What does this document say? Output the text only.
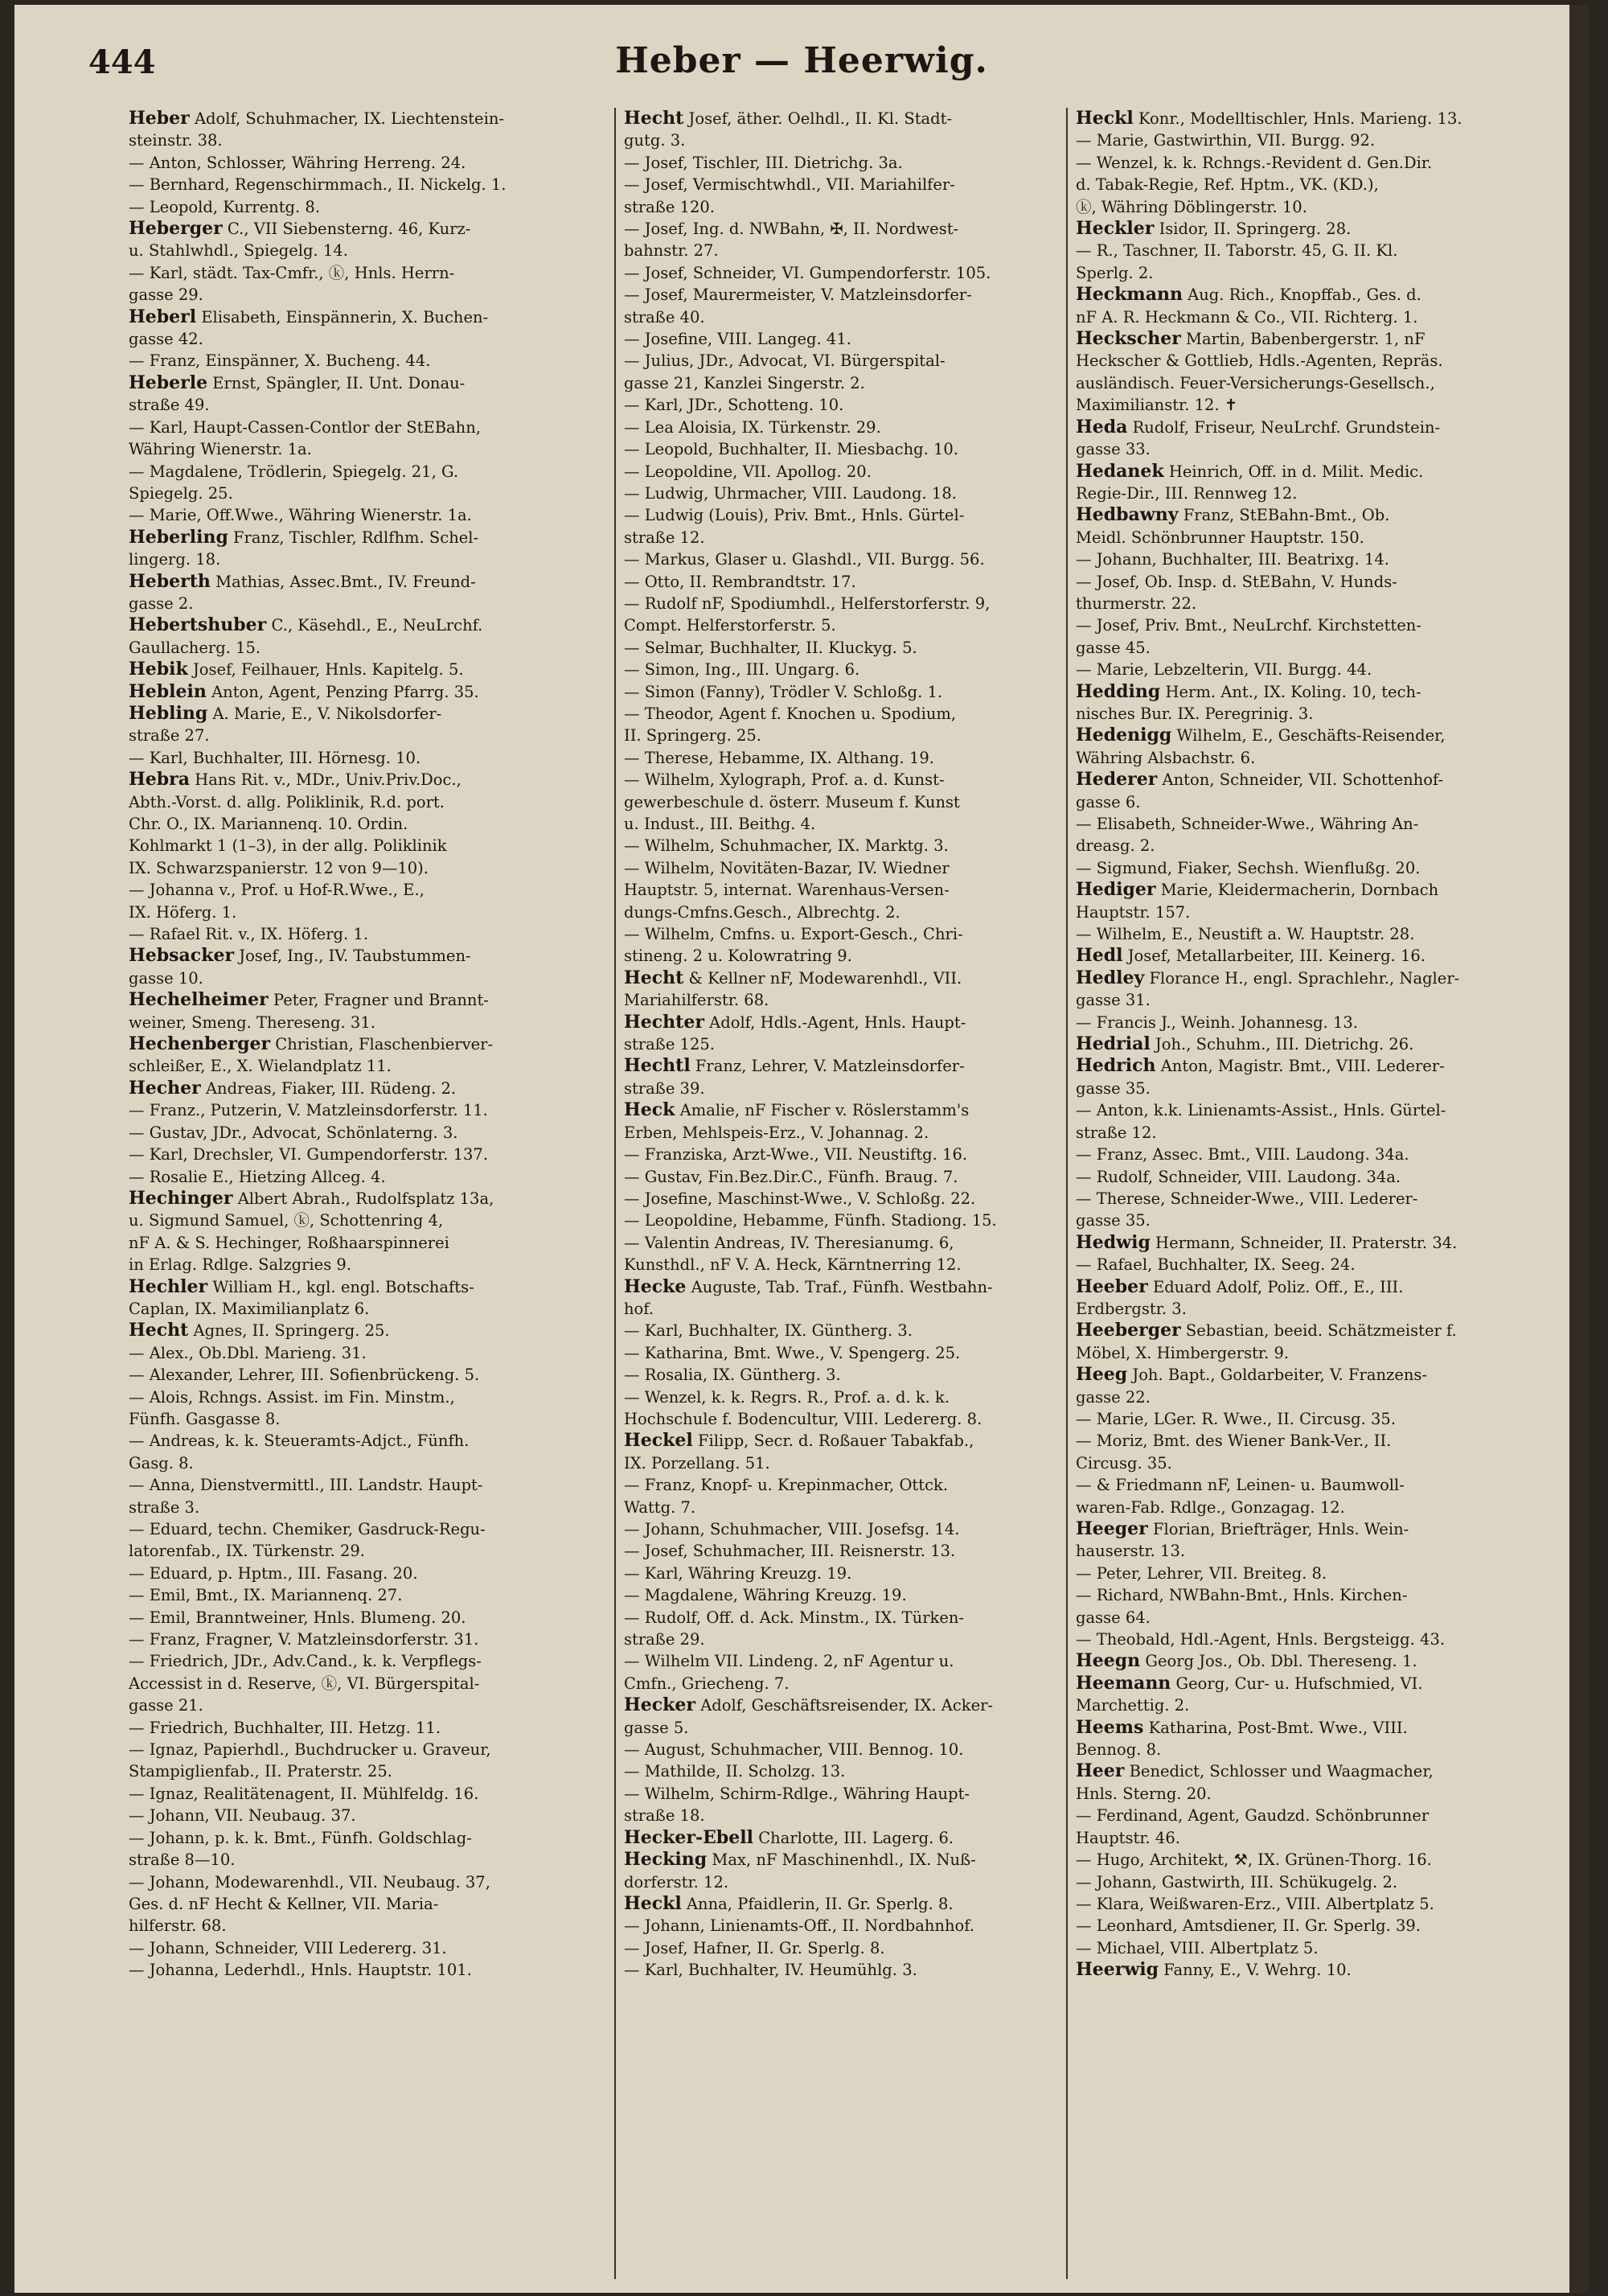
444	Heber — Heerwig.
Heber Adolf, Schuhmacher, IX. Liechtenstein-
steinstr. 38.
— Anton, Schlosser, Währing Herreng. 24.
— Bernhard, Regenschirmmach., II. Nickelg. 1.
— Leopold, Kurrentg. 8.
Heberger C., VII Siebensterng. 46, Kurz-
u. Stahlwhdl., Spiegelg. 14.
— Karl, städt. Tax-Cmfr., ⓚ, Hnls. Herrn-
gasse 29.
Heberl Elisabeth, Einspännerin, X. Buchen-
gasse 42.
— Franz, Einspänner, X. Bucheng. 44.
Heberle Ernst, Spängler, II. Unt. Donau-
straße 49.
— Karl, Haupt-Cassen-Contlor der StEBahn,
Währing Wienerstr. 1a.
— Magdalene, Trödlerin, Spiegelg. 21, G.
Spiegelg. 25.
— Marie, Off.Wwe., Währing Wienerstr. 1a.
Heberling Franz, Tischler, Rdlfhm. Schel-
lingerg. 18.
Heberth Mathias, Assec.Bmt., IV. Freund-
gasse 2.
Hebertshuber C., Käsehdl., E., NeuLrchf.
Gaullacherg. 15.
Hebik Josef, Feilhauer, Hnls. Kapitelg. 5.
Heblein Anton, Agent, Penzing Pfarrg. 35.
Hebling A. Marie, E., V. Nikolsdorfer-
straße 27.
— Karl, Buchhalter, III. Hörnesg. 10.
Hebra Hans Rit. v., MDr., Univ.Priv.Doc.,
Abth.-Vorst. d. allg. Poliklinik, R.d. port.
Chr. O., IX. Mariannenq. 10. Ordin.
Kohlmarkt 1 (1–3), in der allg. Poliklinik
IX. Schwarzspanierstr. 12 von 9—10).
— Johanna v., Prof. u Hof-R.Wwe., E.,
IX. Höferg. 1.
— Rafael Rit. v., IX. Höferg. 1.
Hebsacker Josef, Ing., IV. Taubstummen-
gasse 10.
Hechelheimer Peter, Fragner und Brannt-
weiner, Smeng. Thereseng. 31.
Hechenberger Christian, Flaschenbierver-
schleißer, E., X. Wielandplatz 11.
Hecher Andreas, Fiaker, III. Rüdeng. 2.
— Franz., Putzerin, V. Matzleinsdorferstr. 11.
— Gustav, JDr., Advocat, Schönlaterng. 3.
— Karl, Drechsler, VI. Gumpendorferstr. 137.
— Rosalie E., Hietzing Allceg. 4.
Hechinger Albert Abrah., Rudolfsplatz 13a,
u. Sigmund Samuel, ⓚ, Schottenring 4,
nF A. & S. Hechinger, Roßhaarspinnerei
in Erlag. Rdlge. Salzgries 9.
Hechler William H., kgl. engl. Botschafts-
Caplan, IX. Maximilianplatz 6.
Hecht Agnes, II. Springerg. 25.
— Alex., Ob.Dbl. Marieng. 31.
— Alexander, Lehrer, III. Sofienbrückeng. 5.
— Alois, Rchngs. Assist. im Fin. Minstm.,
Fünfh. Gasgasse 8.
— Andreas, k. k. Steueramts-Adjct., Fünfh.
Gasg. 8.
— Anna, Dienstvermittl., III. Landstr. Haupt-
straße 3.
— Eduard, techn. Chemiker, Gasdruck-Regu-
latorenfab., IX. Türkenstr. 29.
— Eduard, p. Hptm., III. Fasang. 20.
— Emil, Bmt., IX. Mariannenq. 27.
— Emil, Branntweiner, Hnls. Blumeng. 20.
— Franz, Fragner, V. Matzleinsdorferstr. 31.
— Friedrich, JDr., Adv.Cand., k. k. Verpflegs-
Accessist in d. Reserve, ⓚ, VI. Bürgerspital-
gasse 21.
— Friedrich, Buchhalter, III. Hetzg. 11.
— Ignaz, Papierhdl., Buchdrucker u. Graveur,
Stampiglienfab., II. Praterstr. 25.
— Ignaz, Realitätenagent, II. Mühlfeldg. 16.
— Johann, VII. Neubaug. 37.
— Johann, p. k. k. Bmt., Fünfh. Goldschlag-
straße 8—10.
— Johann, Modewarenhdl., VII. Neubaug. 37,
Ges. d. nF Hecht & Kellner, VII. Maria-
hilferstr. 68.
— Johann, Schneider, VIII Ledererg. 31.
— Johanna, Lederhdl., Hnls. Hauptstr. 101.
Hecht Josef, äther. Oelhdl., II. Kl. Stadt-
gutg. 3.
— Josef, Tischler, III. Dietrichg. 3a.
— Josef, Vermischtwhdl., VII. Mariahilfer-
straße 120.
— Josef, Ing. d. NWBahn, ✠, II. Nordwest-
bahnstr. 27.
— Josef, Schneider, VI. Gumpendorferstr. 105.
— Josef, Maurermeister, V. Matzleinsdorfer-
straße 40.
— Josefine, VIII. Langeg. 41.
— Julius, JDr., Advocat, VI. Bürgerspital-
gasse 21, Kanzlei Singerstr. 2.
— Karl, JDr., Schotteng. 10.
— Lea Aloisia, IX. Türkenstr. 29.
— Leopold, Buchhalter, II. Miesbachg. 10.
— Leopoldine, VII. Apollog. 20.
— Ludwig, Uhrmacher, VIII. Laudong. 18.
— Ludwig (Louis), Priv. Bmt., Hnls. Gürtel-
straße 12.
— Markus, Glaser u. Glashdl., VII. Burgg. 56.
— Otto, II. Rembrandtstr. 17.
— Rudolf nF, Spodiumhdl., Helferstorferstr. 9,
Compt. Helferstorferstr. 5.
— Selmar, Buchhalter, II. Kluckyg. 5.
— Simon, Ing., III. Ungarg. 6.
— Simon (Fanny), Trödler V. Schloßg. 1.
— Theodor, Agent f. Knochen u. Spodium,
II. Springerg. 25.
— Therese, Hebamme, IX. Althang. 19.
— Wilhelm, Xylograph, Prof. a. d. Kunst-
gewerbeschule d. österr. Museum f. Kunst
u. Indust., III. Beithg. 4.
— Wilhelm, Schuhmacher, IX. Marktg. 3.
— Wilhelm, Novitäten-Bazar, IV. Wiedner
Hauptstr. 5, internat. Warenhaus-Versen-
dungs-Cmfns.Gesch., Albrechtg. 2.
— Wilhelm, Cmfns. u. Export-Gesch., Chri-
stineng. 2 u. Kolowratring 9.
Hecht & Kellner nF, Modewarenhdl., VII.
Mariahilferstr. 68.
Hechter Adolf, Hdls.-Agent, Hnls. Haupt-
straße 125.
Hechtl Franz, Lehrer, V. Matzleinsdorfer-
straße 39.
Heck Amalie, nF Fischer v. Röslerstamm's
Erben, Mehlspeis-Erz., V. Johannag. 2.
— Franziska, Arzt-Wwe., VII. Neustiftg. 16.
— Gustav, Fin.Bez.Dir.C., Fünfh. Braug. 7.
— Josefine, Maschinst-Wwe., V. Schloßg. 22.
— Leopoldine, Hebamme, Fünfh. Stadiong. 15.
— Valentin Andreas, IV. Theresianumg. 6,
Kunsthdl., nF V. A. Heck, Kärntnerring 12.
Hecke Auguste, Tab. Traf., Fünfh. Westbahn-
hof.
— Karl, Buchhalter, IX. Güntherg. 3.
— Katharina, Bmt. Wwe., V. Spengerg. 25.
— Rosalia, IX. Güntherg. 3.
— Wenzel, k. k. Regrs. R., Prof. a. d. k. k.
Hochschule f. Bodencultur, VIII. Ledererg. 8.
Heckel Filipp, Secr. d. Roßauer Tabakfab.,
IX. Porzellang. 51.
— Franz, Knopf- u. Krepinmacher, Ottck.
Wattg. 7.
— Johann, Schuhmacher, VIII. Josefsg. 14.
— Josef, Schuhmacher, III. Reisnerstr. 13.
— Karl, Währing Kreuzg. 19.
— Magdalene, Währing Kreuzg. 19.
— Rudolf, Off. d. Ack. Minstm., IX. Türken-
straße 29.
— Wilhelm VII. Lindeng. 2, nF Agentur u.
Cmfn., Griecheng. 7.
Hecker Adolf, Geschäftsreisender, IX. Acker-
gasse 5.
— August, Schuhmacher, VIII. Bennog. 10.
— Mathilde, II. Scholzg. 13.
— Wilhelm, Schirm-Rdlge., Währing Haupt-
straße 18.
Hecker-Ebell Charlotte, III. Lagerg. 6.
Hecking Max, nF Maschinenhdl., IX. Nuß-
dorferstr. 12.
Heckl Anna, Pfaidlerin, II. Gr. Sperlg. 8.
— Johann, Linienamts-Off., II. Nordbahnhof.
— Josef, Hafner, II. Gr. Sperlg. 8.
— Karl, Buchhalter, IV. Heumühlg. 3.
Heckl Konr., Modelltischler, Hnls. Marieng. 13.
— Marie, Gastwirthin, VII. Burgg. 92.
— Wenzel, k. k. Rchngs.-Revident d. Gen.Dir.
d. Tabak-Regie, Ref. Hptm., VK. (KD.),
ⓚ, Währing Döblingerstr. 10.
Heckler Isidor, II. Springerg. 28.
— R., Taschner, II. Taborstr. 45, G. II. Kl.
Sperlg. 2.
Heckmann Aug. Rich., Knopffab., Ges. d.
nF A. R. Heckmann & Co., VII. Richterg. 1.
Heckscher Martin, Babenbergerstr. 1, nF
Heckscher & Gottlieb, Hdls.-Agenten, Repräs.
ausländisch. Feuer-Versicherungs-Gesellsch.,
Maximilianstr. 12. ✝
Heda Rudolf, Friseur, NeuLrchf. Grundstein-
gasse 33.
Hedanek Heinrich, Off. in d. Milit. Medic.
Regie-Dir., III. Rennweg 12.
Hedbawny Franz, StEBahn-Bmt., Ob.
Meidl. Schönbrunner Hauptstr. 150.
— Johann, Buchhalter, III. Beatrixg. 14.
— Josef, Ob. Insp. d. StEBahn, V. Hunds-
thurmerstr. 22.
— Josef, Priv. Bmt., NeuLrchf. Kirchstetten-
gasse 45.
— Marie, Lebzelterin, VII. Burgg. 44.
Hedding Herm. Ant., IX. Koling. 10, tech-
nisches Bur. IX. Peregrinig. 3.
Hedenigg Wilhelm, E., Geschäfts-Reisender,
Währing Alsbachstr. 6.
Hederer Anton, Schneider, VII. Schottenhof-
gasse 6.
— Elisabeth, Schneider-Wwe., Währing An-
dreasg. 2.
— Sigmund, Fiaker, Sechsh. Wienflußg. 20.
Hediger Marie, Kleidermacherin, Dornbach
Hauptstr. 157.
— Wilhelm, E., Neustift a. W. Hauptstr. 28.
Hedl Josef, Metallarbeiter, III. Keinerg. 16.
Hedley Florance H., engl. Sprachlehr., Nagler-
gasse 31.
— Francis J., Weinh. Johannesg. 13.
Hedrial Joh., Schuhm., III. Dietrichg. 26.
Hedrich Anton, Magistr. Bmt., VIII. Lederer-
gasse 35.
— Anton, k.k. Linienamts-Assist., Hnls. Gürtel-
straße 12.
— Franz, Assec. Bmt., VIII. Laudong. 34a.
— Rudolf, Schneider, VIII. Laudong. 34a.
— Therese, Schneider-Wwe., VIII. Lederer-
gasse 35.
Hedwig Hermann, Schneider, II. Praterstr. 34.
— Rafael, Buchhalter, IX. Seeg. 24.
Heeber Eduard Adolf, Poliz. Off., E., III.
Erdbergstr. 3.
Heeberger Sebastian, beeid. Schätzmeister f.
Möbel, X. Himbergerstr. 9.
Heeg Joh. Bapt., Goldarbeiter, V. Franzens-
gasse 22.
— Marie, LGer. R. Wwe., II. Circusg. 35.
— Moriz, Bmt. des Wiener Bank-Ver., II.
Circusg. 35.
— & Friedmann nF, Leinen- u. Baumwoll-
waren-Fab. Rdlge., Gonzagag. 12.
Heeger Florian, Briefträger, Hnls. Wein-
hauserstr. 13.
— Peter, Lehrer, VII. Breiteg. 8.
— Richard, NWBahn-Bmt., Hnls. Kirchen-
gasse 64.
— Theobald, Hdl.-Agent, Hnls. Bergsteigg. 43.
Heegn Georg Jos., Ob. Dbl. Thereseng. 1.
Heemann Georg, Cur- u. Hufschmied, VI.
Marchettig. 2.
Heems Katharina, Post-Bmt. Wwe., VIII.
Bennog. 8.
Heer Benedict, Schlosser und Waagmacher,
Hnls. Sterng. 20.
— Ferdinand, Agent, Gaudzd. Schönbrunner
Hauptstr. 46.
— Hugo, Architekt, ⚒, IX. Grünen-Thorg. 16.
— Johann, Gastwirth, III. Schükugelg. 2.
— Klara, Weißwaren-Erz., VIII. Albertplatz 5.
— Leonhard, Amtsdiener, II. Gr. Sperlg. 39.
— Michael, VIII. Albertplatz 5.
Heerwig Fanny, E., V. Wehrg. 10.
